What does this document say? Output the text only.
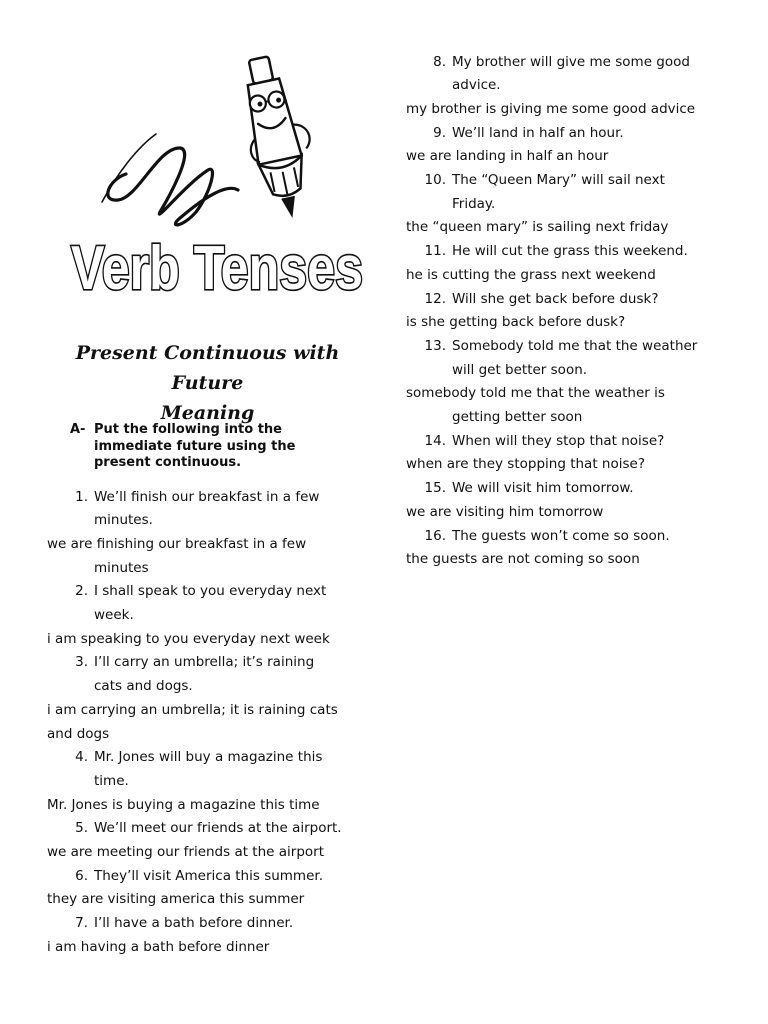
Verb Tenses
Present Continuous with Future
Meaning
A- Put the following into the immediate future using the present continuous.
1. We’ll finish our breakfast in a few
minutes.
we are finishing our breakfast in a few
minutes
2. I shall speak to you everyday next
week.
i am speaking to you everyday next week
3. I’ll carry an umbrella; it’s raining
cats and dogs.
i am carrying an umbrella; it is raining cats
and dogs
4. Mr. Jones will buy a magazine this
time.
Mr. Jones is buying a magazine this time
5. We’ll meet our friends at the airport.
we are meeting our friends at the airport
6. They’ll visit America this summer.
they are visiting america this summer
7. I’ll have a bath before dinner.
i am having a bath before dinner
8. My brother will give me some good
advice.
my brother is giving me some good advice
9. We’ll land in half an hour.
we are landing in half an hour
10. The “Queen Mary” will sail next
Friday.
the “queen mary” is sailing next friday
11. He will cut the grass this weekend.
he is cutting the grass next weekend
12. Will she get back before dusk?
is she getting back before dusk?
13. Somebody told me that the weather
will get better soon.
somebody told me that the weather is
getting better soon
14. When will they stop that noise?
when are they stopping that noise?
15. We will visit him tomorrow.
we are visiting him tomorrow
16. The guests won’t come so soon.
the guests are not coming so soon
